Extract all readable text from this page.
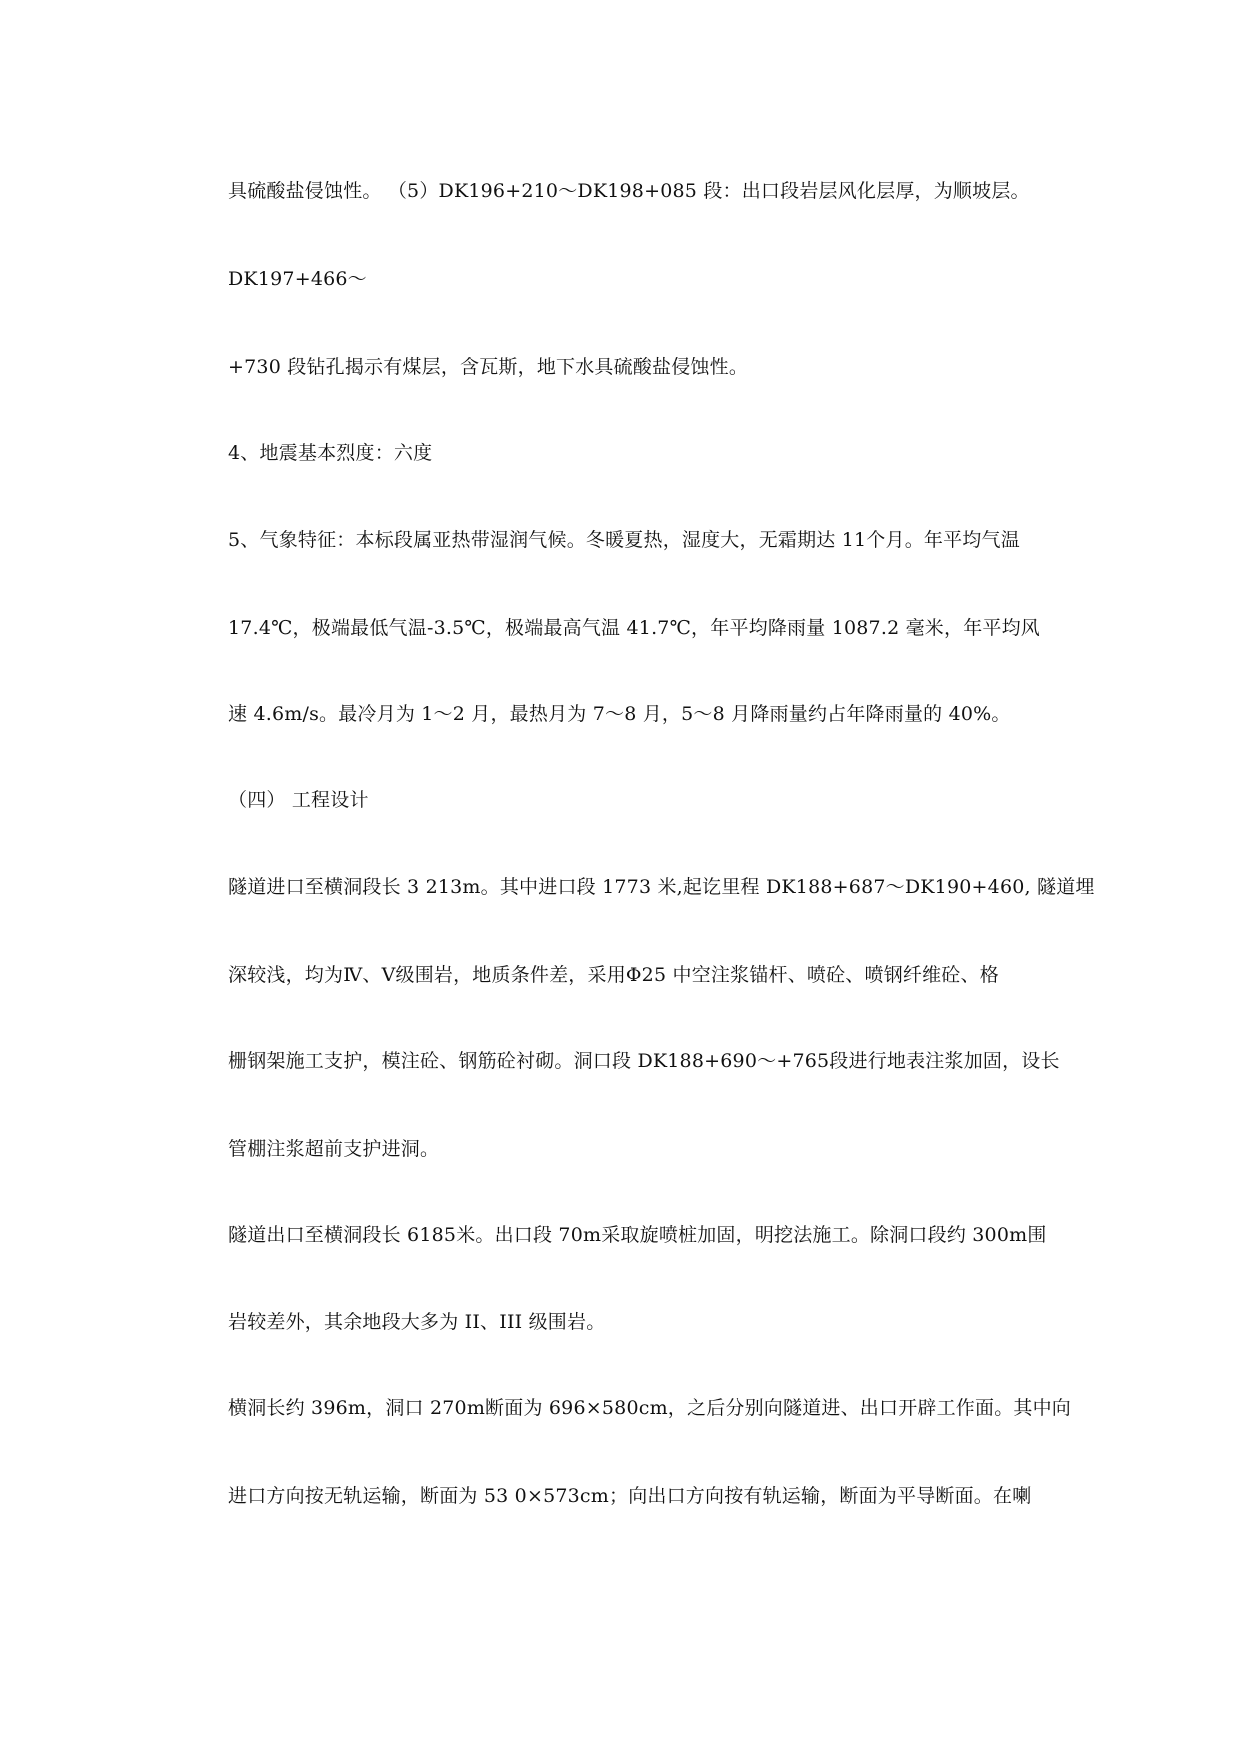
具硫酸盐侵蚀性。 （5）DK196+210～DK198+085 段：出口段岩层风化层厚，为顺坡层。
DK197+466～
+730 段钻孔揭示有煤层，含瓦斯，地下水具硫酸盐侵蚀性。
4、地震基本烈度：六度
5、气象特征：本标段属亚热带湿润气候。冬暖夏热，湿度大，无霜期达 11个月。年平均气温
17.4℃，极端最低气温-3.5℃，极端最高气温 41.7℃，年平均降雨量 1087.2 毫米，年平均风
速 4.6m/s。最冷月为 1～2 月，最热月为 7～8 月，5～8 月降雨量约占年降雨量的 40%。
（四） 工程设计
隧道进口至横洞段长 3 213m。其中进口段 1773 米,起讫里程 DK188+687～DK190+460, 隧道埋
深较浅，均为Ⅳ、Ⅴ级围岩，地质条件差，采用Φ25 中空注浆锚杆、喷砼、喷钢纤维砼、格
栅钢架施工支护，模注砼、钢筋砼衬砌。洞口段 DK188+690～+765段进行地表注浆加固，设长
管棚注浆超前支护进洞。
隧道出口至横洞段长 6185米。出口段 70m采取旋喷桩加固，明挖法施工。除洞口段约 300m围
岩较差外，其余地段大多为 II、III 级围岩。
横洞长约 396m，洞口 270m断面为 696×580cm，之后分别向隧道进、出口开辟工作面。其中向
进口方向按无轨运输，断面为 53 0×573cm；向出口方向按有轨运输，断面为平导断面。在喇
